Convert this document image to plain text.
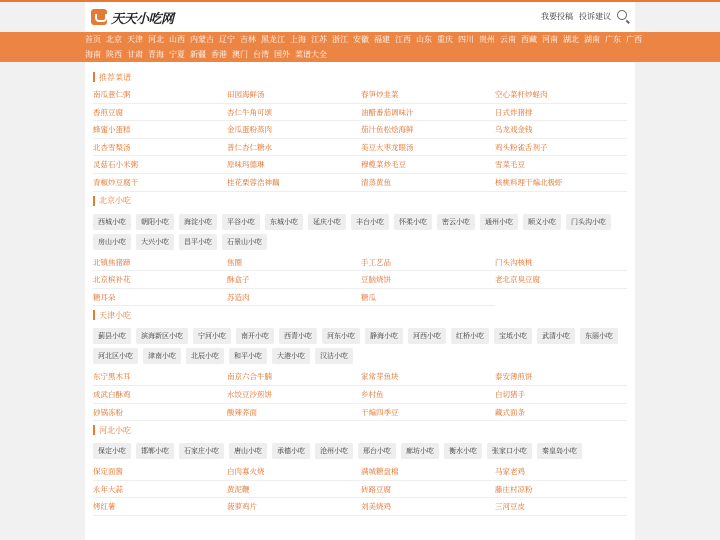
天天小吃网	我要投稿 投诉建议
首页 北京 天津 河北 山西 内蒙古 辽宁 吉林 黑龙江 上海 江苏 浙江 安徽 福建 江西 山东 重庆 四川 贵州 云南 西藏 河南 湖北 湖南 广东 广西
海南 陕西 甘肃 青海 宁夏 新疆 香港 澳门 台湾 国外 菜谱大全
推荐菜谱
南瓜薏仁粥	田园海鲜汤	春笋炒韭菜	空心菜杆炒蛏肉
香煎豆腐	杏仁牛角可颂	油醋番茄调味汁	日式炸猪排
蜂蜜小蛋糕	金瓜蛋粉蒸肉	茄汁鱼松烩海鲜	乌龙戏金钱
北杏雪梨汤	普仁杏仁糖水	美豆大枣龙眼汤	鸡头粉雀舌剂子
灵菇石小米粥	原味玛德琳	穆榄菜炒毛豆	雪菜毛豆
青椒炒豆腐干	桂花栗蓉浩神藕	清蒸黄鱼	核桃料理干煸北极虾
北京小吃
西城小吃	朝阳小吃	海淀小吃	平谷小吃	东城小吃	延庆小吃	丰台小吃	怀柔小吃	密云小吃	通州小吃	顺义小吃	门头沟小吃
房山小吃	大兴小吃	昌平小吃	石景山小吃
北镇焦猪蹄	焦圈	手工艺品	门头沟核桃
北京槟补花	酥盒子	豆脑烧饼	老北京臭豆腐
糖耳朵	苏造肉	糖瓜
天津小吃
蓟县小吃	滨海新区小吃	宁河小吃	南开小吃	西青小吃	河东小吃	静海小吃	河西小吃	红桥小吃	宝坻小吃	武清小吃	东丽小吃
河北区小吃	津南小吃	北辰小吃	和平小吃	大港小吃	汉沽小吃
东宁黑木耳	南京六合牛腩	家常芽鱼块	泰安薄煎饼
成武白酥鸡	水饺豆沙煎饼	乡村鱼	白切猪手
砂锅冻粉	酸辣荞面	干煸四季豆	藏式面条
河北小吃
保定小吃	邯郸小吃	石家庄小吃	唐山小吃	承德小吃	沧州小吃	邢台小吃	廊坊小吃	衡水小吃	张家口小吃	秦皇岛小吃
保定面酱	白肉寡火烧	满城糖盘棉	马家老鸡
永年大蒜	黄泥鞭	砖路豆腐	藤庄村凉粉
烤红薯	菠萝鸡片	刘美烧鸡	三河豆皮
